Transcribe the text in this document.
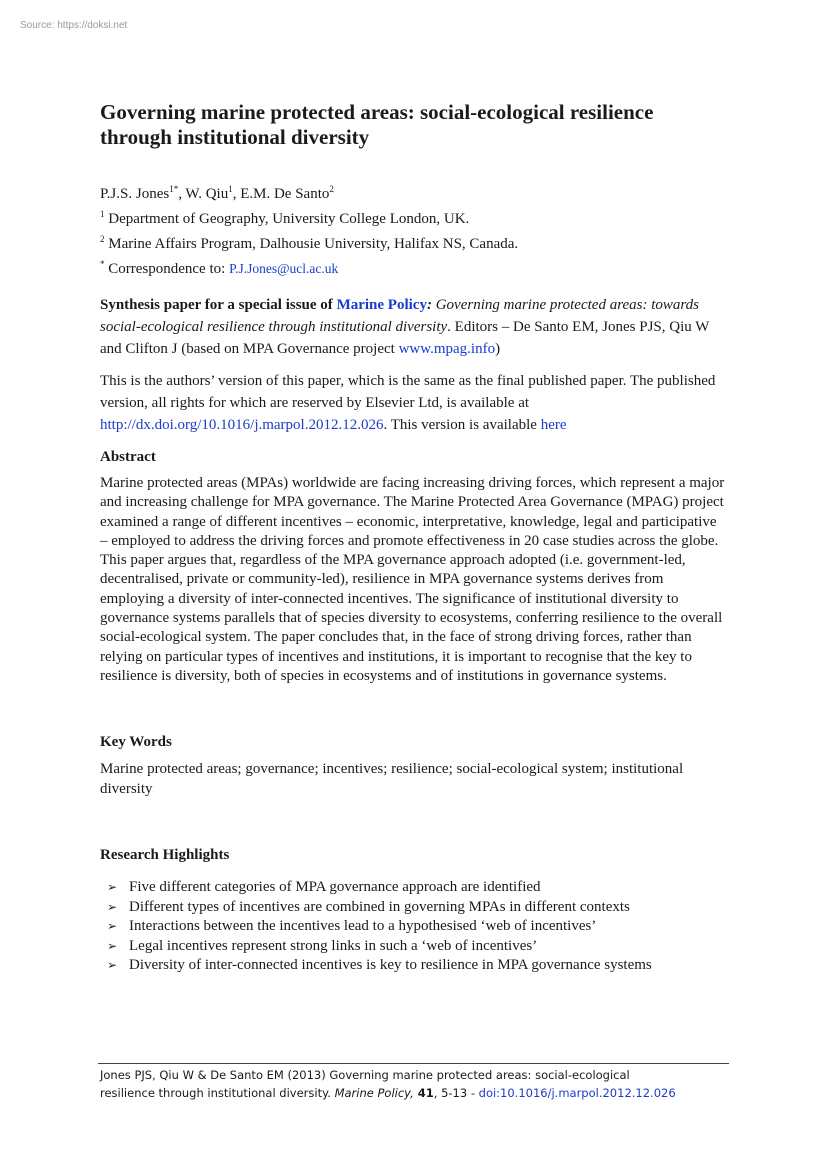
Source: https://doksi.net
Governing marine protected areas: social-ecological resilience
through institutional diversity
P.J.S. Jones$^{1*}$, W. Qiu$^1$, E.M. De Santo$^2$
$^1$ Department of Geography, University College London, UK.
$^2$ Marine Affairs Program, Dalhousie University, Halifax NS, Canada.
* Correspondence to: P.J.Jones@ucl.ac.uk

Synthesis paper for a special issue of Marine Policy: Governing marine protected areas: towards social-ecological resilience through institutional diversity. Editors – De Santo EM, Jones PJS, Qiu W and Clifton J (based on MPA Governance project www.mpag.info)

This is the authors’ version of this paper, which is the same as the final published paper. The published version, all rights for which are reserved by Elsevier Ltd, is available at http://dx.doi.org/10.1016/j.marpol.2012.12.026. This version is available here

Abstract

Marine protected areas (MPAs) worldwide are facing increasing driving forces, which represent a major and increasing challenge for MPA governance. The Marine Protected Area Governance (MPAG) project examined a range of different incentives – economic, interpretative, knowledge, legal and participative – employed to address the driving forces and promote effectiveness in 20 case studies across the globe. This paper argues that, regardless of the MPA governance approach adopted (i.e. government-led, decentralised, private or community-led), resilience in MPA governance systems derives from employing a diversity of inter-connected incentives. The significance of institutional diversity to governance systems parallels that of species diversity to ecosystems, conferring resilience to the overall social-ecological system. The paper concludes that, in the face of strong driving forces, rather than relying on particular types of incentives and institutions, it is important to recognise that the key to resilience is diversity, both of species in ecosystems and of institutions in governance systems.

Key Words

Marine protected areas; governance; incentives; resilience; social-ecological system; institutional diversity

Research Highlights
➢ Five different categories of MPA governance approach are identified
➢ Different types of incentives are combined in governing MPAs in different contexts
➢ Interactions between the incentives lead to a hypothesised ‘web of incentives’
➢ Legal incentives represent strong links in such a ‘web of incentives’
➢ Diversity of inter-connected incentives is key to resilience in MPA governance systems
Jones PJS, Qiu W & De Santo EM (2013) Governing marine protected areas: social-ecological
resilience through institutional diversity. Marine Policy, 41, 5-13 - doi:10.1016/j.marpol.2012.12.026
